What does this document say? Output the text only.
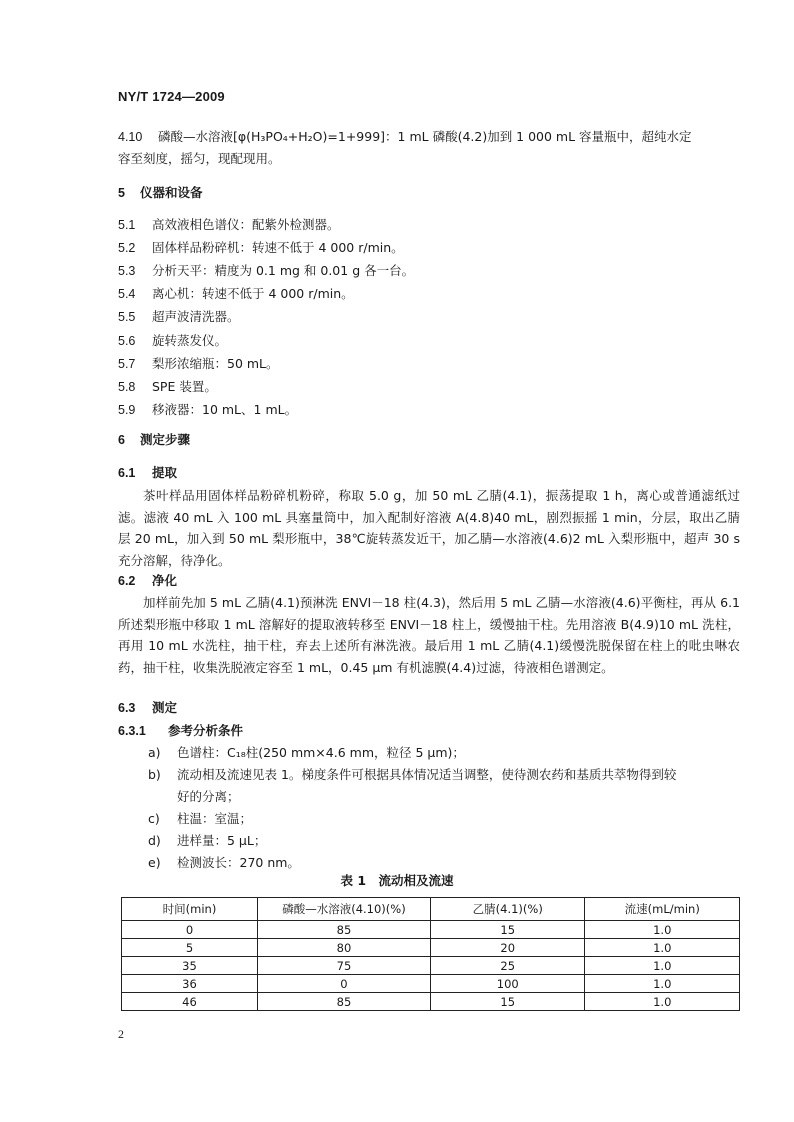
NY/T 1724—2009
4.10 磷酸—水溶液[φ(H₃PO₄+H₂O)=1+999]：1 mL 磷酸(4.2)加到 1 000 mL 容量瓶中，超纯水定
容至刻度，摇匀，现配现用。
5 仪器和设备
5.1 高效液相色谱仪：配紫外检测器。
5.2 固体样品粉碎机：转速不低于 4 000 r/min。
5.3 分析天平：精度为 0.1 mg 和 0.01 g 各一台。
5.4 离心机：转速不低于 4 000 r/min。
5.5 超声波清洗器。
5.6 旋转蒸发仪。
5.7 梨形浓缩瓶：50 mL。
5.8 SPE 装置。
5.9 移液器：10 mL、1 mL。
6 测定步骤
6.1 提取
茶叶样品用固体样品粉碎机粉碎，称取 5.0 g，加 50 mL 乙腈(4.1)，振荡提取 1 h，离心或普通滤纸过滤。滤液 40 mL 入 100 mL 具塞量筒中，加入配制好溶液 A(4.8)40 mL，剧烈振摇 1 min，分层，取出乙腈层 20 mL，加入到 50 mL 梨形瓶中，38℃旋转蒸发近干，加乙腈—水溶液(4.6)2 mL 入梨形瓶中，超声 30 s 充分溶解，待净化。
6.2 净化
加样前先加 5 mL 乙腈(4.1)预淋洗 ENVI－18 柱(4.3)，然后用 5 mL 乙腈—水溶液(4.6)平衡柱，再从 6.1 所述梨形瓶中移取 1 mL 溶解好的提取液转移至 ENVI－18 柱上，缓慢抽干柱。先用溶液 B(4.9)10 mL 洗柱，再用 10 mL 水洗柱，抽干柱，弃去上述所有淋洗液。最后用 1 mL 乙腈(4.1)缓慢洗脱保留在柱上的吡虫啉农药，抽干柱，收集洗脱液定容至 1 mL，0.45 μm 有机滤膜(4.4)过滤，待液相色谱测定。
6.3 测定
6.3.1 参考分析条件
a) 色谱柱：C₁₈柱(250 mm×4.6 mm，粒径 5 μm)；
b) 流动相及流速见表 1。梯度条件可根据具体情况适当调整，使待测农药和基质共萃物得到较
好的分离；
c) 柱温：室温；
d) 进样量：5 μL；
e) 检测波长：270 nm。
表 1　流动相及流速
时间(min)	磷酸—水溶液(4.10)(%)	乙腈(4.1)(%)	流速(mL/min)
0	85	15	1.0
5	80	20	1.0
35	75	25	1.0
36	0	100	1.0
46	85	15	1.0
2
